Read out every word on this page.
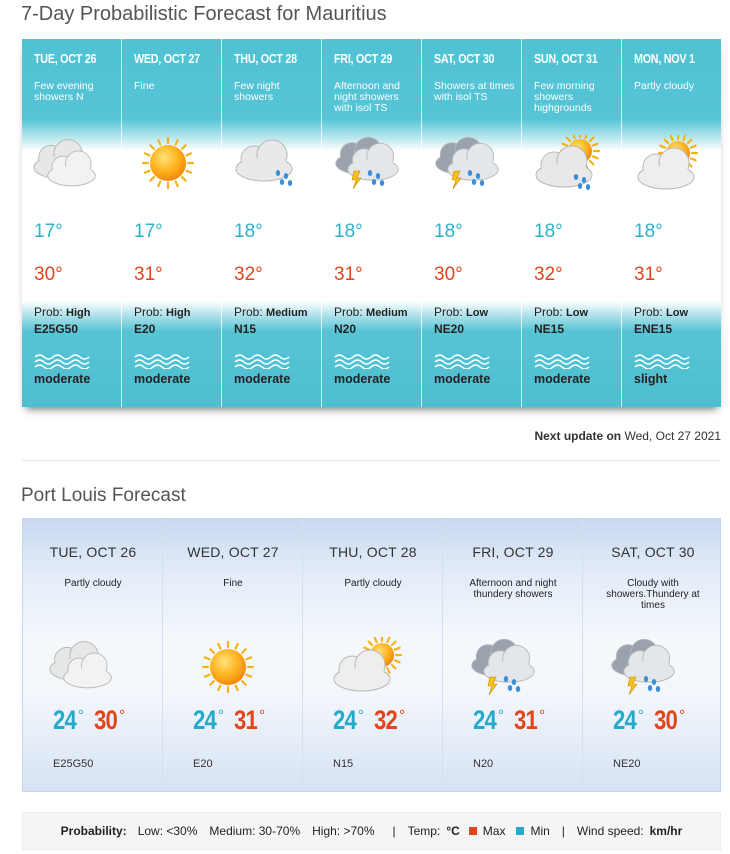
7-Day Probabilistic Forecast for Mauritius
TUE, OCT 26
Few evening showers N
17°
30°
Prob: High
E25G50
moderate
WED, OCT 27
Fine
17°
31°
Prob: High
E20
moderate
THU, OCT 28
Few night showers
18°
32°
Prob: Medium
N15
moderate
FRI, OCT 29
Afternoon and night showers with isol TS
18°
31°
Prob: Medium
N20
moderate
SAT, OCT 30
Showers at times with isol TS
18°
30°
Prob: Low
NE20
moderate
SUN, OCT 31
Few morning showers highgrounds
18°
32°
Prob: Low
NE15
moderate
MON, NOV 1
Partly cloudy
18°
31°
Prob: Low
ENE15
slight
Next update on Wed, Oct 27 2021
Port Louis Forecast
TUE, OCT 26
Partly cloudy
24 ° 30 °
E25G50
WED, OCT 27
Fine
24 ° 31 °
E20
THU, OCT 28
Partly cloudy
24 ° 32 °
N15
FRI, OCT 29
Afternoon and night thundery showers
24 ° 31 °
N20
SAT, OCT 30
Cloudy with showers.Thundery at times
24 ° 30 °
NE20
Probability: Low: <30% Medium: 30-70% High: >70% | Temp: °C Max Min | Wind speed: km/hr
